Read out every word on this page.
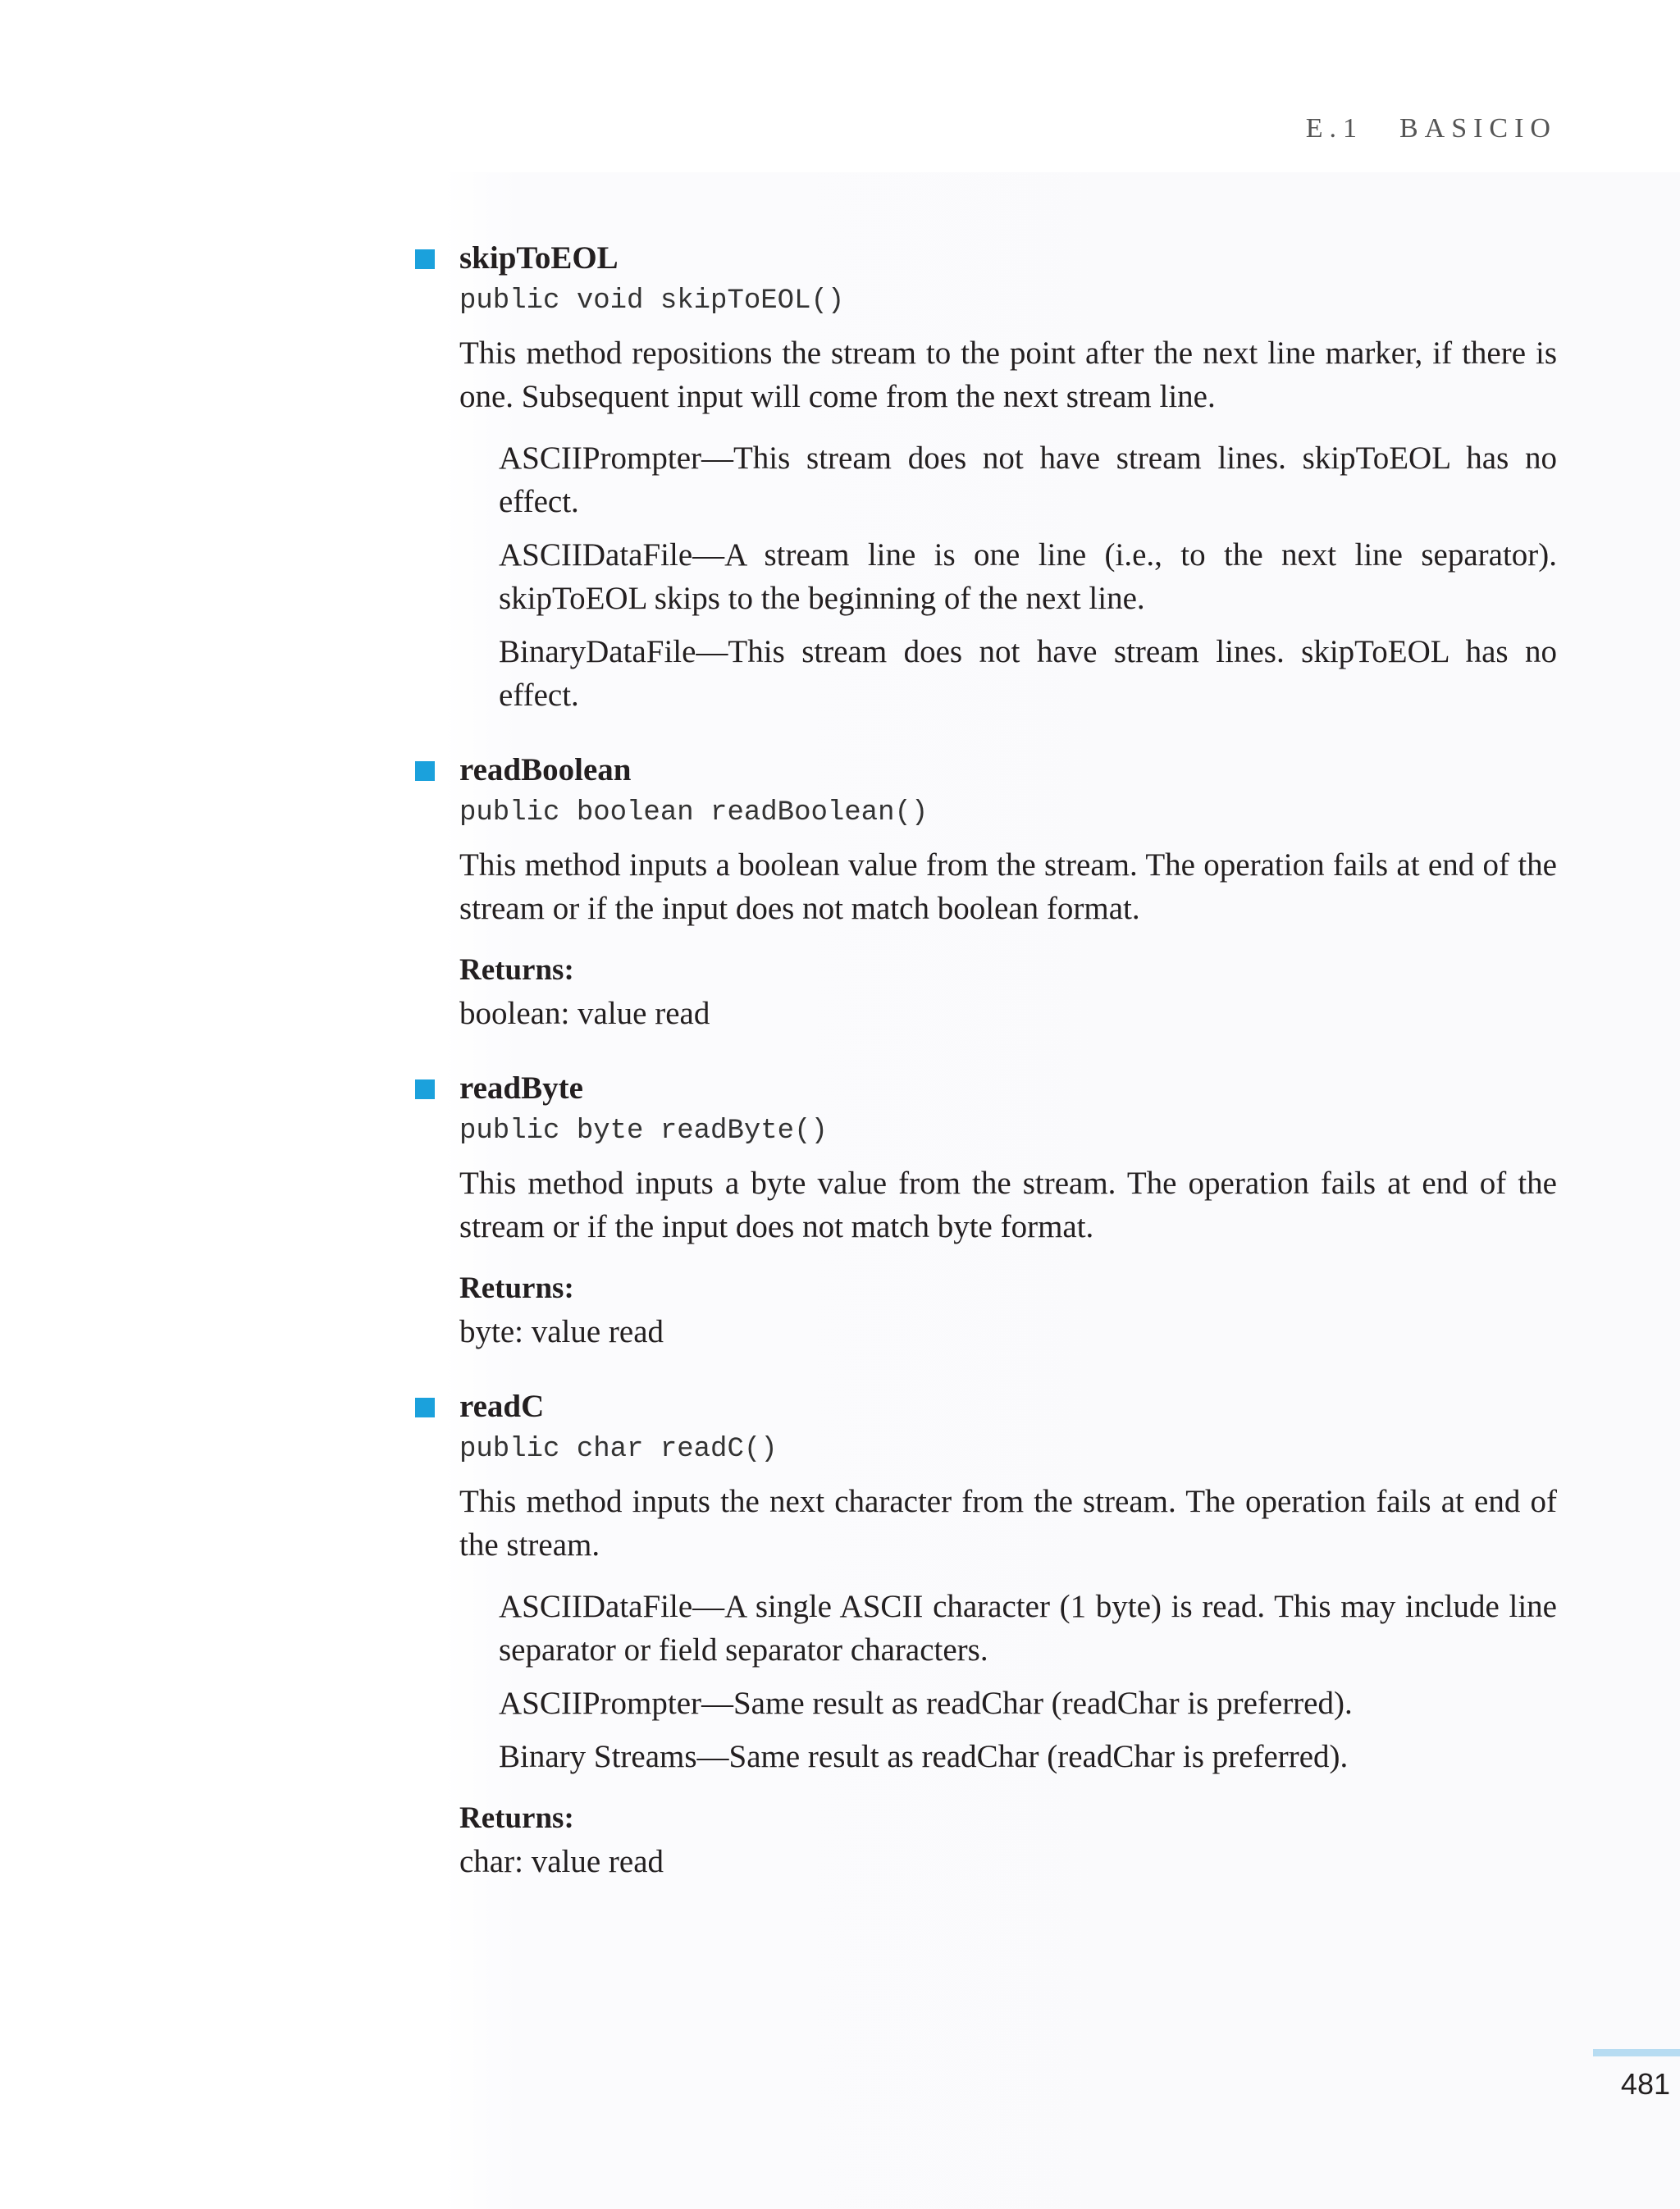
E.1 BASICIO
skipToEOL
public void skipToEOL()
This method repositions the stream to the point after the next line marker, if there is one. Subsequent input will come from the next stream line.

ASCIIPrompter—This stream does not have stream lines. skipToEOL has no effect.

ASCIIDataFile—A stream line is one line (i.e., to the next line separator). skipToEOL skips to the beginning of the next line.

BinaryDataFile—This stream does not have stream lines. skipToEOL has no effect.

readBoolean
public boolean readBoolean()
This method inputs a boolean value from the stream. The operation fails at end of the stream or if the input does not match boolean format.
Returns:
boolean: value read
readByte
public byte readByte()
This method inputs a byte value from the stream. The operation fails at end of the stream or if the input does not match byte format.
Returns:
byte: value read
readC
public char readC()
This method inputs the next character from the stream. The operation fails at end of the stream.

ASCIIDataFile—A single ASCII character (1 byte) is read. This may include line separator or field separator characters.

ASCIIPrompter—Same result as readChar (readChar is preferred).

Binary Streams—Same result as readChar (readChar is preferred).

Returns:
char: value read
481
